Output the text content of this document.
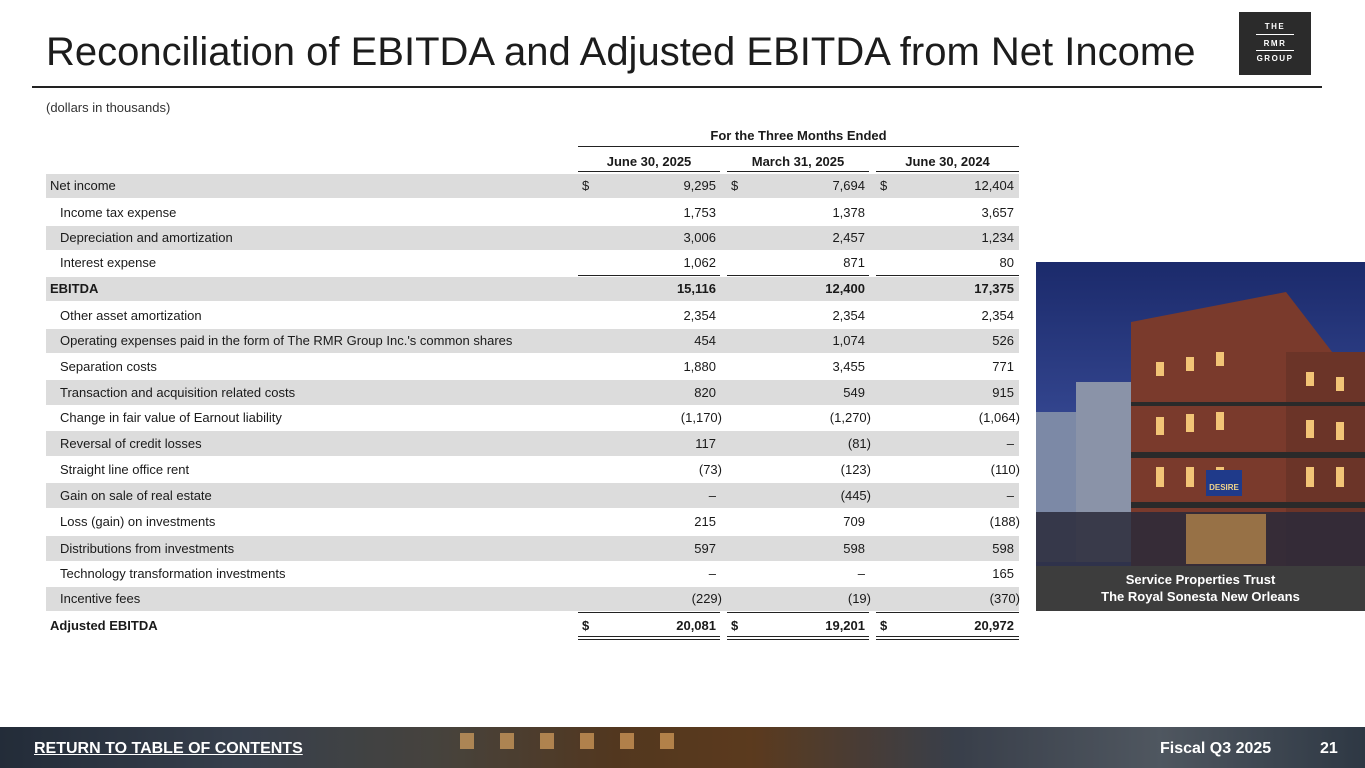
Reconciliation of EBITDA and Adjusted EBITDA from Net Income
THE
RMR
GROUP
(dollars in thousands)
For the Three Months Ended
June 30, 2025	March 31, 2025	June 30, 2024
Net income	$	9,295 $	7,694 $	12,404
Income tax expense	1,753	1,378	3,657
Depreciation and amortization	3,006	2,457	1,234
Interest expense	1,062	871	80
EBITDA	15,116	12,400	17,375
Other asset amortization	2,354	2,354	2,354
Operating expenses paid in the form of The RMR Group Inc.'s common shares	454	1,074	526
Separation costs	1,880	3,455	771
Transaction and acquisition related costs	820	549	915
Change in fair value of Earnout liability	(1,170)	(1,270)	(1,064)
Reversal of credit losses	117	(81)	–
Straight line office rent	(73)	(123)	(110)
Gain on sale of real estate	–	(445)	–
Loss (gain) on investments	215	709	(188)
Distributions from investments	597	598	598
Technology transformation investments	–	–	165
Incentive fees	(229)	(19)	(370)
Adjusted EBITDA	$	20,081 $	19,201 $	20,972
DESIRE
Service Properties Trust
The Royal Sonesta New Orleans
RETURN TO TABLE OF CONTENTS	Fiscal Q3 2025	21
